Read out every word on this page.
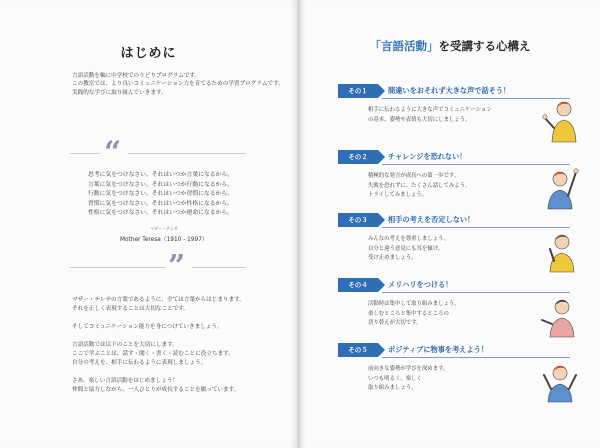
はじめに
言語活動を軸に中学校でのりどりプログラムです。
この教室では、より良いコミュニケーション力を育てるための学習プログラムです。
実践的な学びに取り組んでいきます。
“
思考に気をつけなさい、それはいつか言葉になるから。
言葉に気をつけなさい、それはいつか行動になるから。
行動に気をつけなさい、それはいつか習慣になるから。
習慣に気をつけなさい、それはいつか性格になるから。
性格に気をつけなさい、それはいつか運命になるから。
マザー・テレサ
Mother Teresa（1910 - 1997）
”
マザー・テレサの言葉であるように、全ては言葉からはじまります。
それを正しく表現することは大切なことです。

そしてコミュニケーション能力を身につけていきましょう。

言語活動では以下のことを大切にします。
ここで学ぶことは、話す・聞く・書く・読むことに役立ちます。
自分の考えを、相手に伝わるように表現しましょう。

さあ、楽しい言語活動をはじめましょう！
仲間と協力しながら、一人ひとりが成長することを願っています。
「言語活動」を受講する心構え
その１	間違いをおそれず大きな声で話そう！
相手に伝わるように大きな声でコミュニケーション
の基本、姿勢や表情も大切にしましょう。
その２	チャレンジを恐れない！
積極的な発言が成長への第一歩です。
失敗を恐れずに、たくさん話してみよう。
トライしてみましょう。
その３	相手の考えを否定しない！
みんなの考えを尊重しましょう。
自分と違う意見にも耳を傾け、
受け止めましょう。
その４	メリハリをつける！
活動時は集中して取り組みましょう。
楽しむところと集中するところの
切り替えが大切です。
その５	ポジティブに物事を考えよう！
前向きな姿勢が学びを深めます。
いつも明るく、楽しく
取り組みましょう。
